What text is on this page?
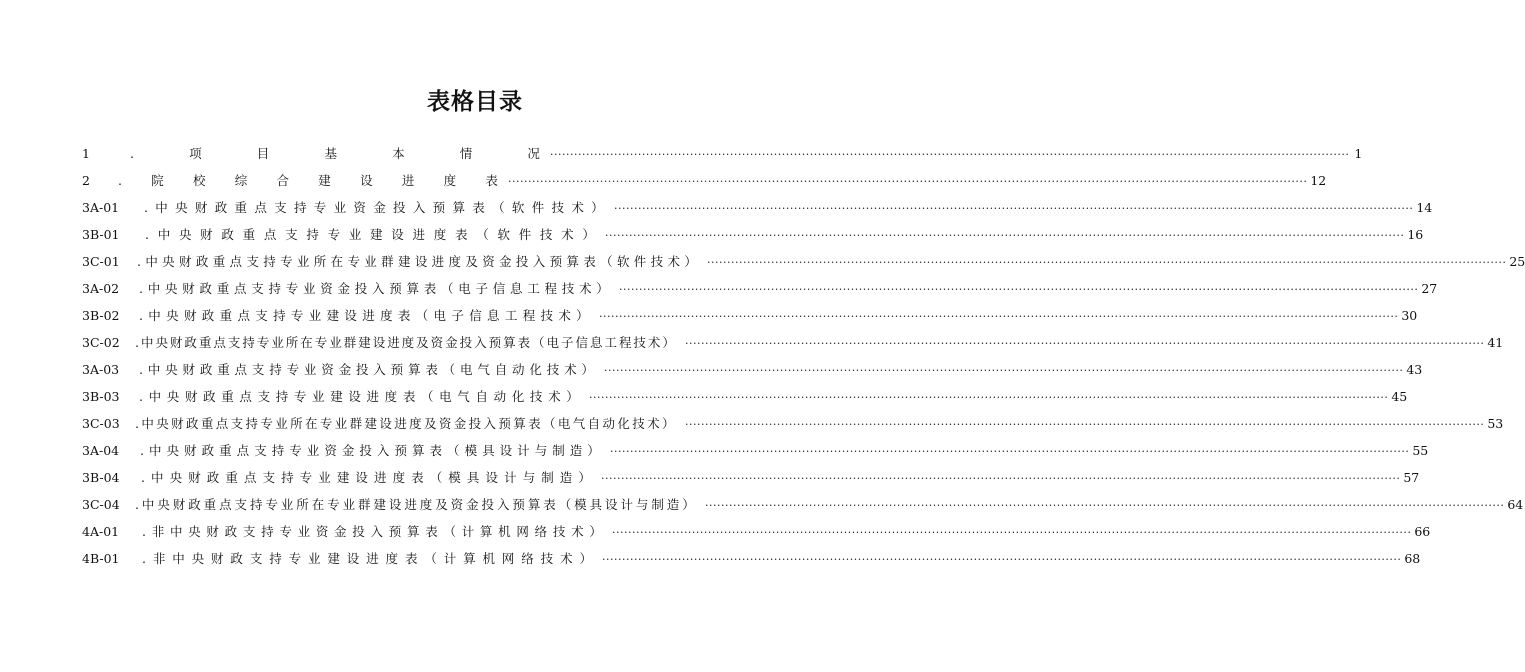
表格目录
1	.	项	目	基	本	情	况 ········································································································································································································ 1
2	. 院 校 综 合 建 设 进 度 表 ········································································································································································································ 12
3A-01	. 中 央 财 政 重 点 支 持 专 业 资 金 投 入 预 算 表 （ 软 件 技 术 ） ········································································································································································································ 14
3B-01	. 中 央 财 政 重 点 支 持 专 业 建 设 进 度 表 （ 软 件 技 术 ） ········································································································································································································ 16
3C-01	. 中 央 财 政 重 点 支 持 专 业 所 在 专 业 群 建 设 进 度 及 资 金 投 入 预 算 表 （ 软 件 技 术 ） ········································································································································································································ 25
3A-02	. 中 央 财 政 重 点 支 持 专 业 资 金 投 入 预 算 表 （ 电 子 信 息 工 程 技 术 ） ········································································································································································································ 27
3B-02	. 中 央 财 政 重 点 支 持 专 业 建 设 进 度 表 （ 电 子 信 息 工 程 技 术 ） ········································································································································································································ 30
3C-02	. 中 央 财 政 重 点 支 持 专 业 所 在 专 业 群 建 设 进 度 及 资 金 投 入 预 算 表 （ 电 子 信 息 工 程 技 术 ） ········································································································································································································ 41
3A-03	. 中 央 财 政 重 点 支 持 专 业 资 金 投 入 预 算 表 （ 电 气 自 动 化 技 术 ） ········································································································································································································ 43
3B-03	. 中 央 财 政 重 点 支 持 专 业 建 设 进 度 表 （ 电 气 自 动 化 技 术 ） ········································································································································································································ 45
3C-03	. 中 央 财 政 重 点 支 持 专 业 所 在 专 业 群 建 设 进 度 及 资 金 投 入 预 算 表 （ 电 气 自 动 化 技 术 ） ········································································································································································································ 53
3A-04	. 中 央 财 政 重 点 支 持 专 业 资 金 投 入 预 算 表 （ 模 具 设 计 与 制 造 ） ········································································································································································································ 55
3B-04	. 中 央 财 政 重 点 支 持 专 业 建 设 进 度 表 （ 模 具 设 计 与 制 造 ） ········································································································································································································ 57
3C-04	. 中 央 财 政 重 点 支 持 专 业 所 在 专 业 群 建 设 进 度 及 资 金 投 入 预 算 表 （ 模 具 设 计 与 制 造 ） ········································································································································································································ 64
4A-01	. 非 中 央 财 政 支 持 专 业 资 金 投 入 预 算 表 （ 计 算 机 网 络 技 术 ） ········································································································································································································ 66
4B-01	. 非 中 央 财 政 支 持 专 业 建 设 进 度 表 （ 计 算 机 网 络 技 术 ） ········································································································································································································ 68
